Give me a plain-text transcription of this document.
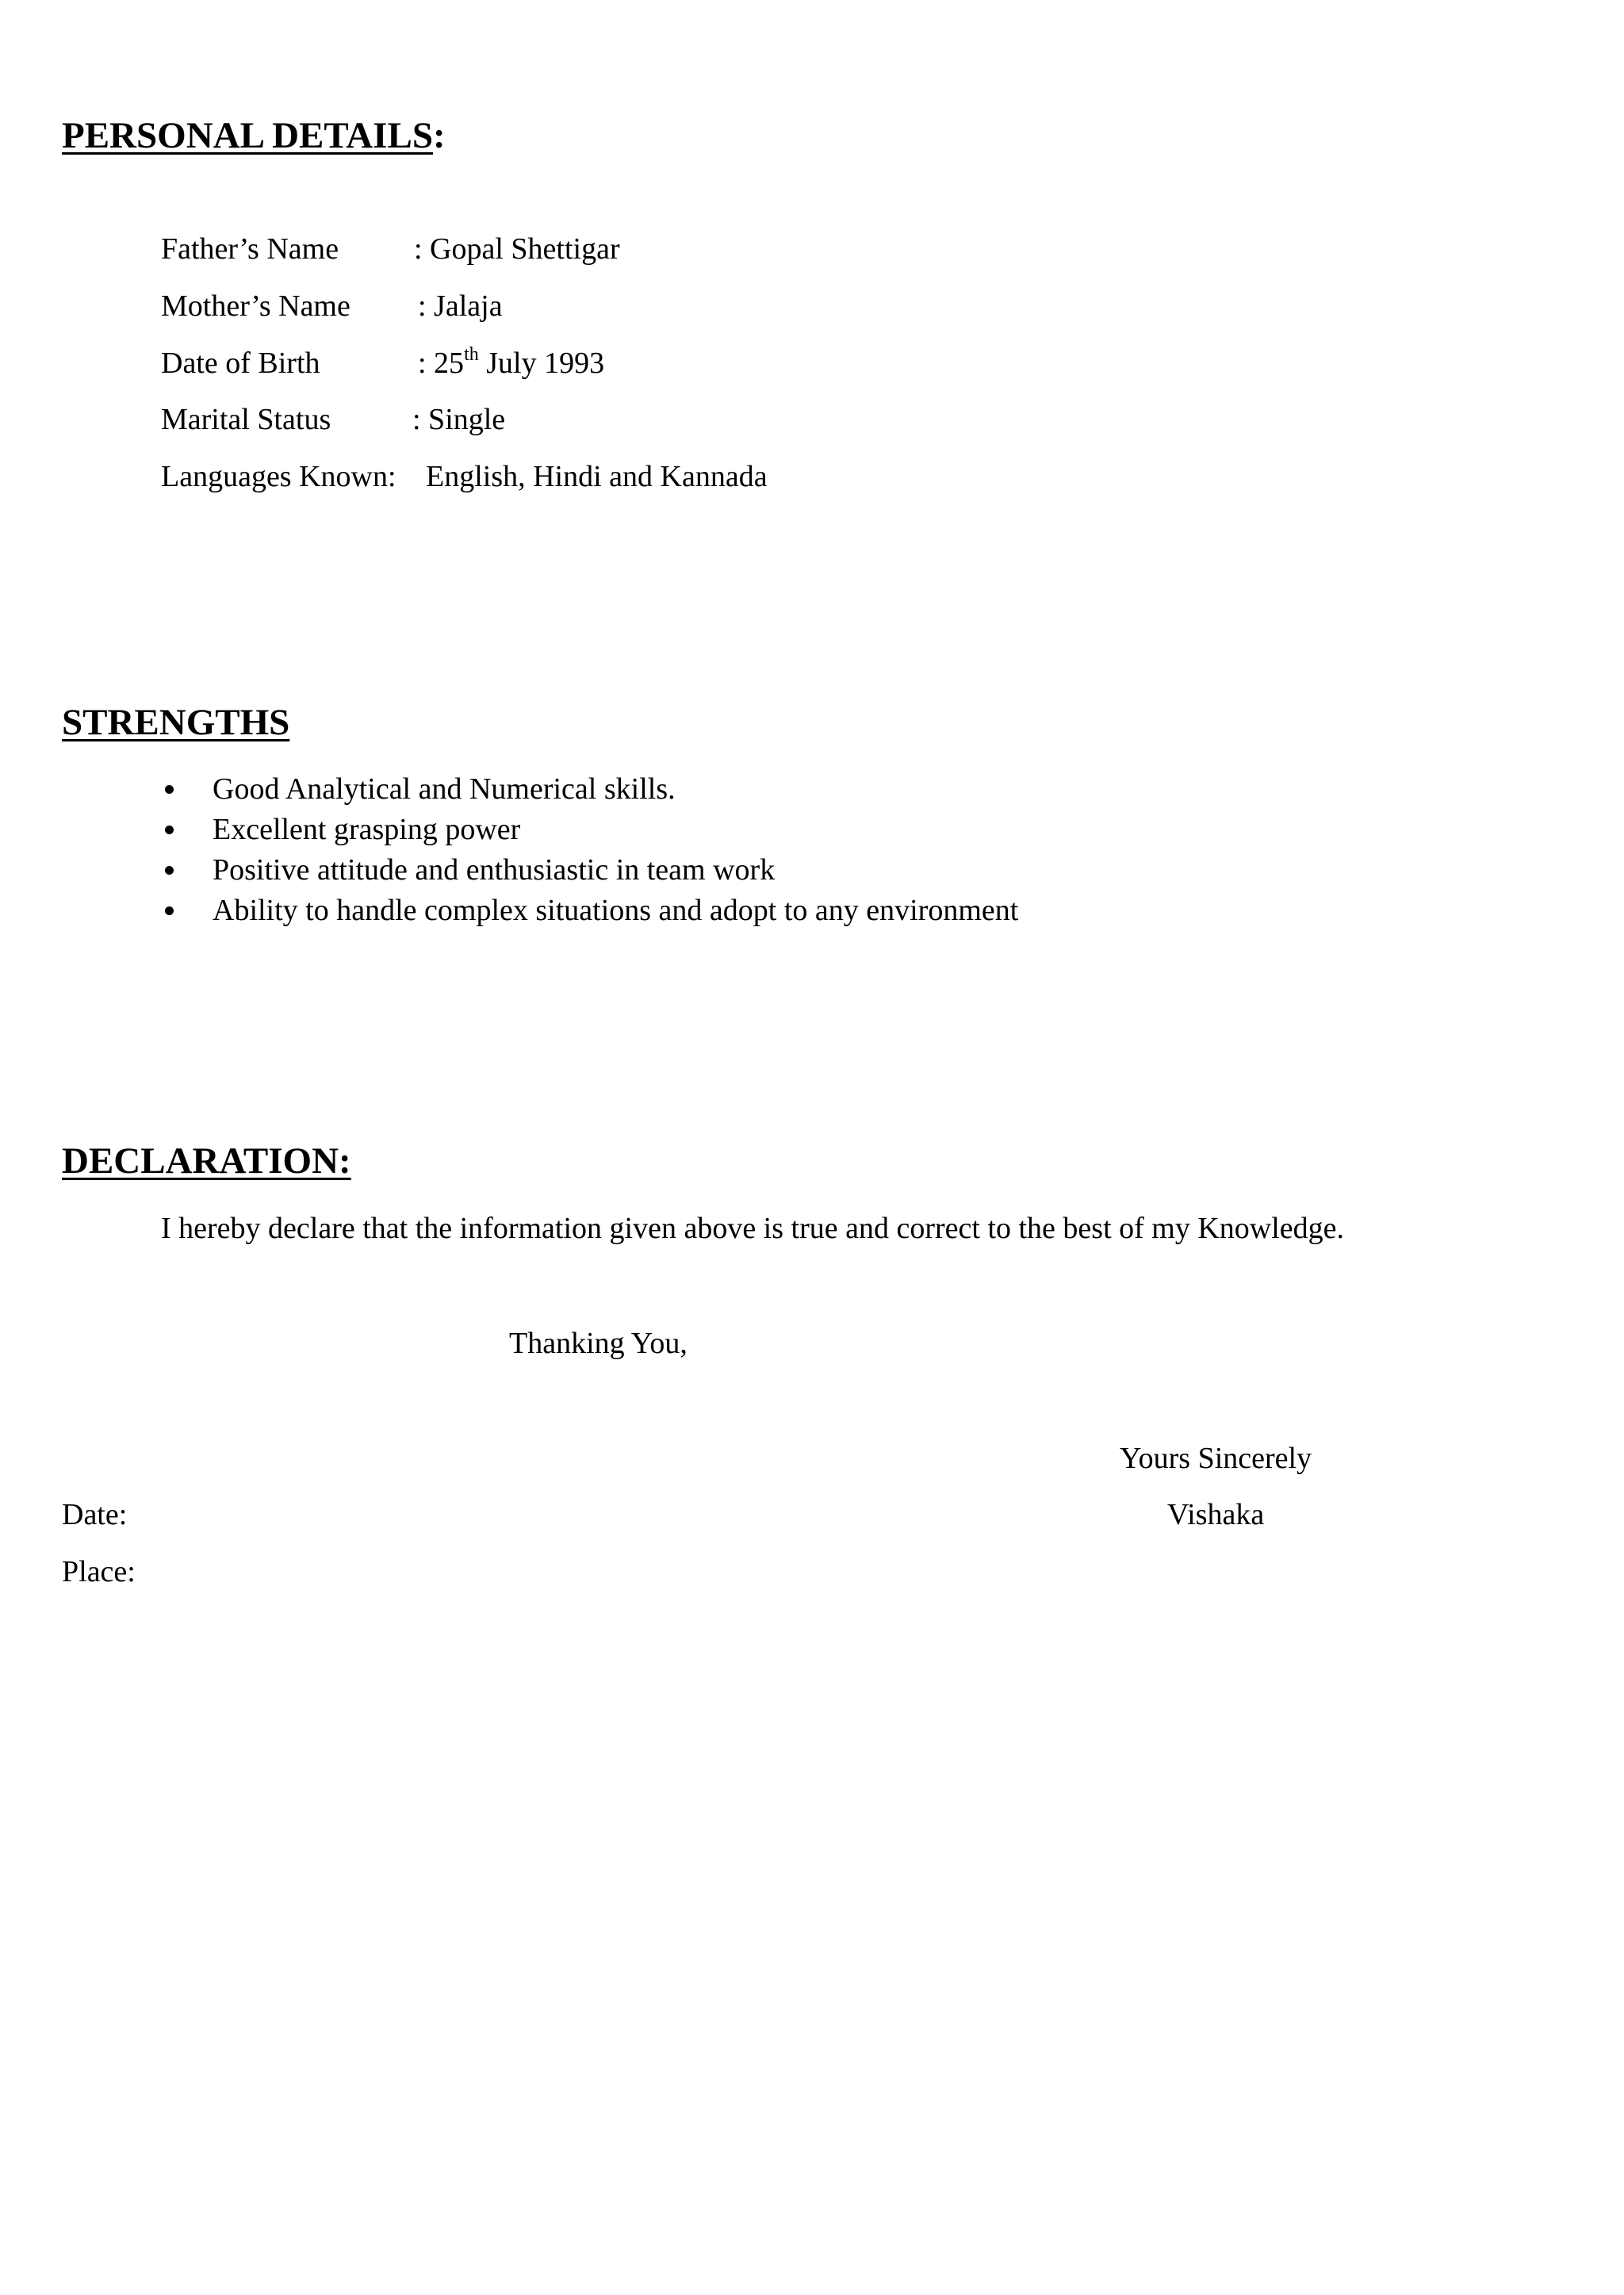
PERSONAL DETAILS:
Father’s Name : Gopal Shettigar
Mother’s Name : Jalaja
Date of Birth	: 25th July 1993
Marital Status	: Single
Languages Known: English, Hindi and Kannada
STRENGTHS
Good Analytical and Numerical skills.
Excellent grasping power
Positive attitude and enthusiastic in team work
Ability to handle complex situations and adopt to any environment
DECLARATION:
I hereby declare that the information given above is true and correct to the best of my Knowledge.
Thanking You,
Yours Sincerely
Date:	Vishaka
Place:
